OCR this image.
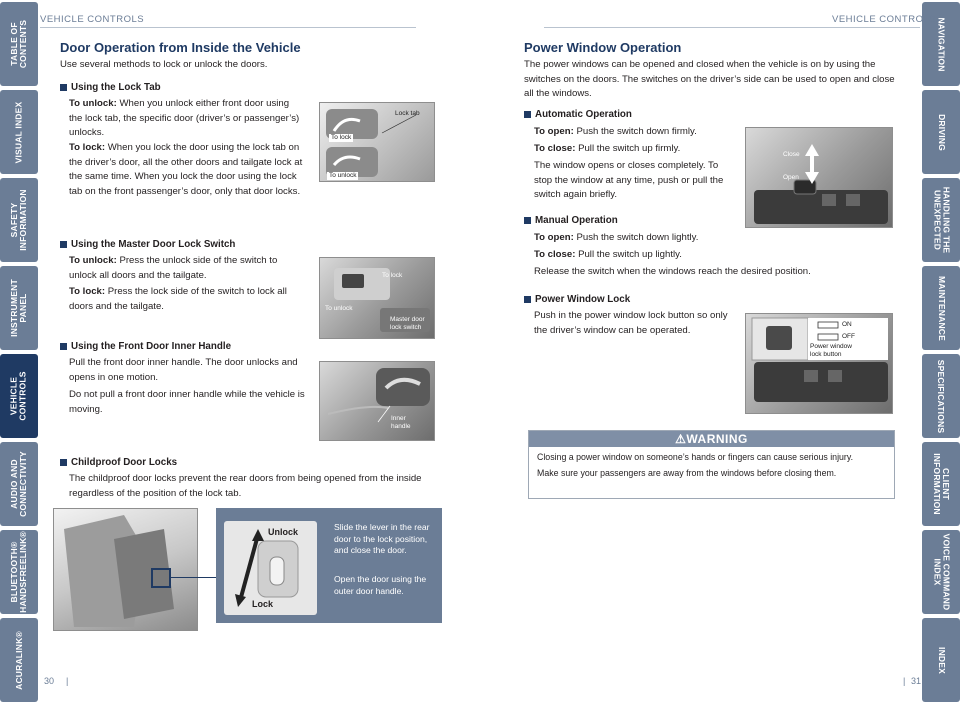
TABLE OF
CONTENTS
VISUAL INDEX
SAFETY
INFORMATION
INSTRUMENT
PANEL
VEHICLE
CONTROLS
AUDIO AND
CONNECTIVITY
BLUETOOTH®
HANDSFREELINK®
ACURALINK®
NAVIGATION
DRIVING
HANDLING THE
UNEXPECTED
MAINTENANCE
SPECIFICATIONS
CLIENT
INFORMATION
VOICE COMMAND
INDEX
INDEX
VEHICLE CONTROLS	VEHICLE CONTROLS
Door Operation from Inside the Vehicle

Use several methods to lock or unlock the doors.

Using the Lock Tab

To unlock: When you unlock either front door using the lock tab, the specific door (driver’s or passenger’s) unlocks.

To lock: When you lock the door using the lock tab on the driver’s door, all the other doors and tailgate lock at the same time. When you lock the door using the lock tab on the front passenger’s door, only that door locks.

Lock tab
To lock
To unlock
Using the Master Door Lock Switch

To unlock: Press the unlock side of the switch to unlock all doors and the tailgate.

To lock: Press the lock side of the switch to lock all doors and the tailgate.

To lock
To unlock
Master door
lock switch
Using the Front Door Inner Handle

Pull the front door inner handle. The door unlocks and opens in one motion.

Do not pull a front door inner handle while the vehicle is moving.

Inner
handle
Childproof Door Locks

The childproof door locks prevent the rear doors from being opened from the inside regardless of the position of the lock tab.

Unlock
Lock

Slide the lever in the rear door to the lock position, and close the door.

Open the door using the outer door handle.

30 |
Power Window Operation

The power windows can be opened and closed when the vehicle is on by using the switches on the doors. The switches on the driver’s side can be used to open and close all the windows.

Automatic Operation

To open: Push the switch down firmly.

To close: Pull the switch up firmly.

The window opens or closes completely. To stop the window at any time, push or pull the switch again briefly.

Close
Open
Manual Operation

To open: Push the switch down lightly.

To close: Pull the switch up lightly.

Release the switch when the windows reach the desired position.

Power Window Lock

Push in the power window lock button so only the driver’s window can be operated.	ON
OFF
Power window
lock button
⚠WARNING

Closing a power window on someone’s hands or fingers can cause serious injury.

Make sure your passengers are away from the windows before closing them.

| 31
